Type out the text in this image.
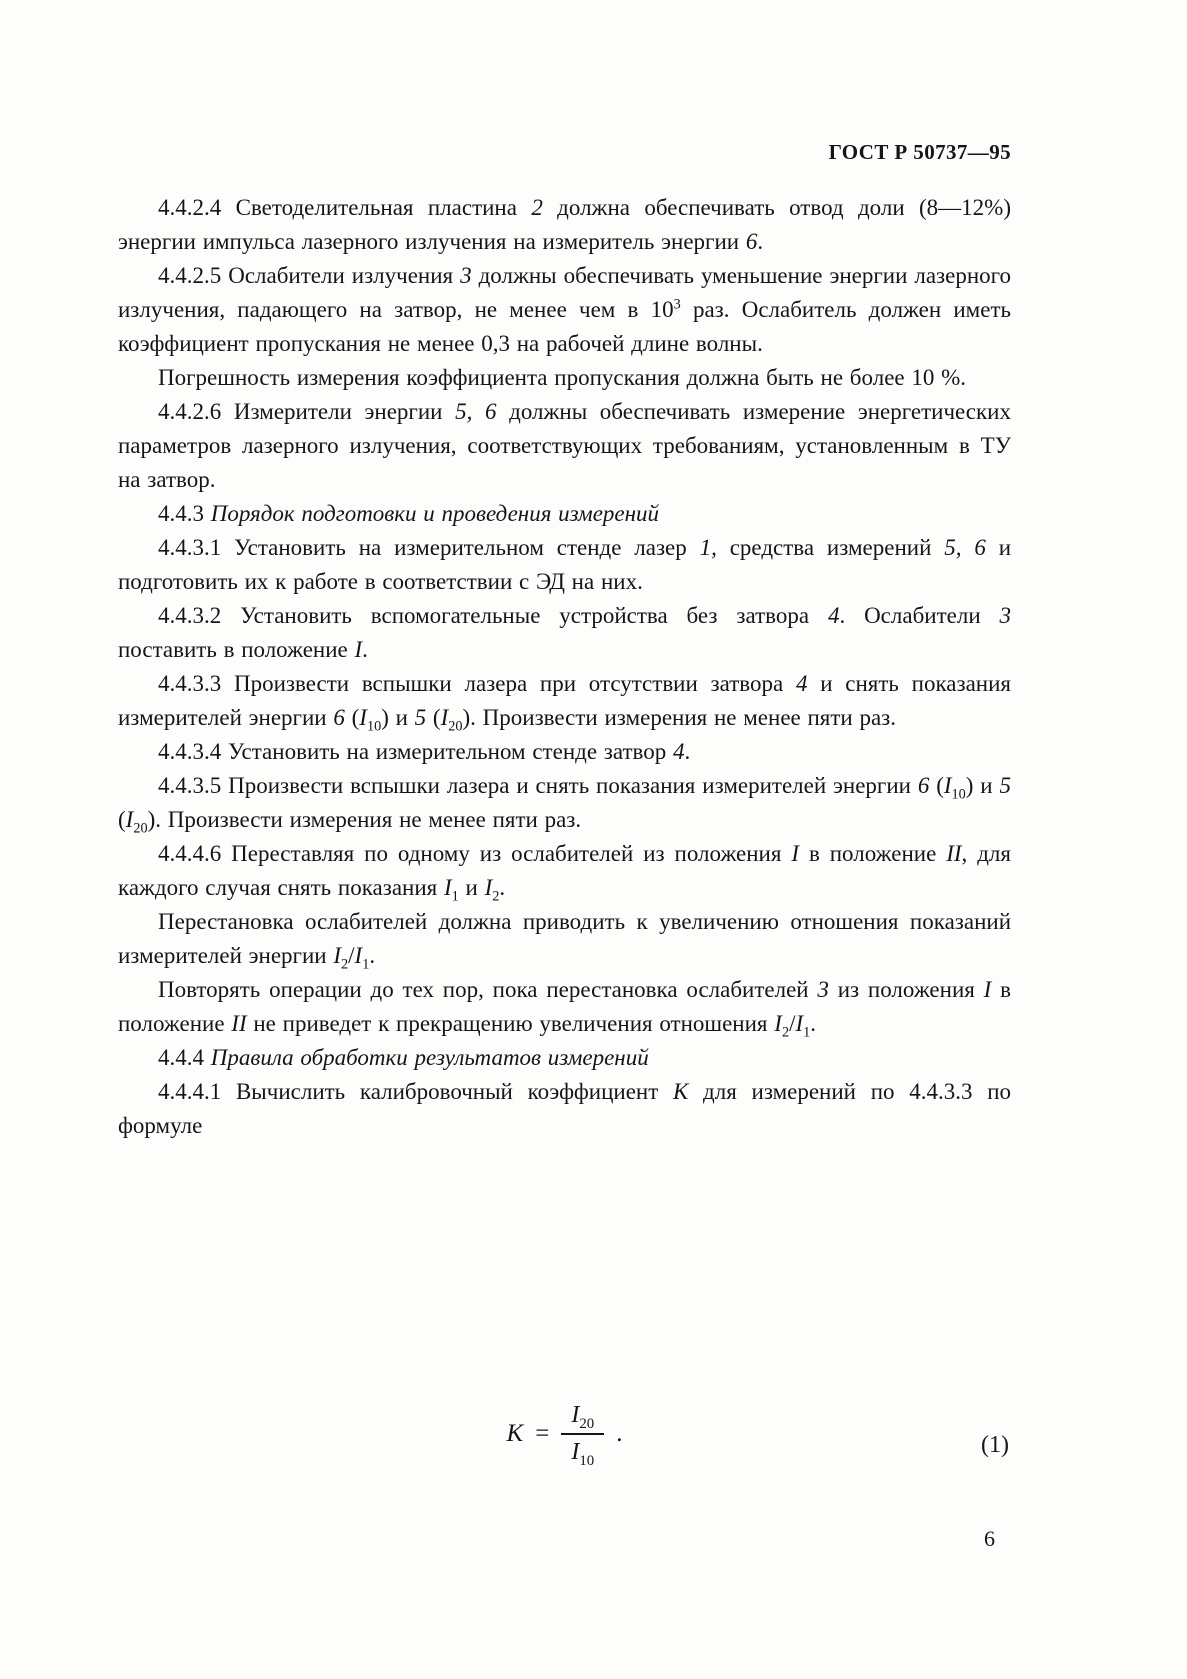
ГОСТ Р 50737—95

4.4.2.4 Светоделительная пластина 2 должна обеспечивать отвод доли (8—12%) энергии импульса лазерного излучения на измеритель энергии 6.

4.4.2.5 Ослабители излучения 3 должны обеспечивать уменьшение энергии лазерного излучения, падающего на затвор, не менее чем в $10^3$ раз. Ослабитель должен иметь коэффициент пропускания не менее 0,3 на рабочей длине волны.

Погрешность измерения коэффициента пропускания должна быть не более 10 %.

4.4.2.6 Измерители энергии 5, 6 должны обеспечивать измерение энергетических параметров лазерного излучения, соответствующих требованиям, установленным в ТУ на затвор.

4.4.3 Порядок подготовки и проведения измерений

4.4.3.1 Установить на измерительном стенде лазер 1, средства измерений 5, 6 и подготовить их к работе в соответствии с ЭД на них.

4.4.3.2 Установить вспомогательные устройства без затвора 4. Ослабители 3 поставить в положение I.

4.4.3.3 Произвести вспышки лазера при отсутствии затвора 4 и снять показания измерителей энергии 6 $(I_{10})$ и 5 $(I_{20})$. Произвести измерения не менее пяти раз.

4.4.3.4 Установить на измерительном стенде затвор 4.

4.4.3.5 Произвести вспышки лазера и снять показания измерителей энергии 6 $(I_{10})$ и 5 $(I_{20})$. Произвести измерения не менее пяти раз.

4.4.4.6 Переставляя по одному из ослабителей из положения I в положение II, для каждого случая снять показания $I_1$ и $I_2$.

Перестановка ослабителей должна приводить к увеличению отношения показаний измерителей энергии $I_2/I_1$.

Повторять операции до тех пор, пока перестановка ослабителей 3 из положения I в положение II не приведет к прекращению увеличения отношения $I_2/I_1$.

4.4.4 Правила обработки результатов измерений

4.4.4.1 Вычислить калибровочный коэффициент K для измерений по 4.4.3.3 по формуле

$K = \frac{I_{20}}{I_{10}}$ .	(1)
6
